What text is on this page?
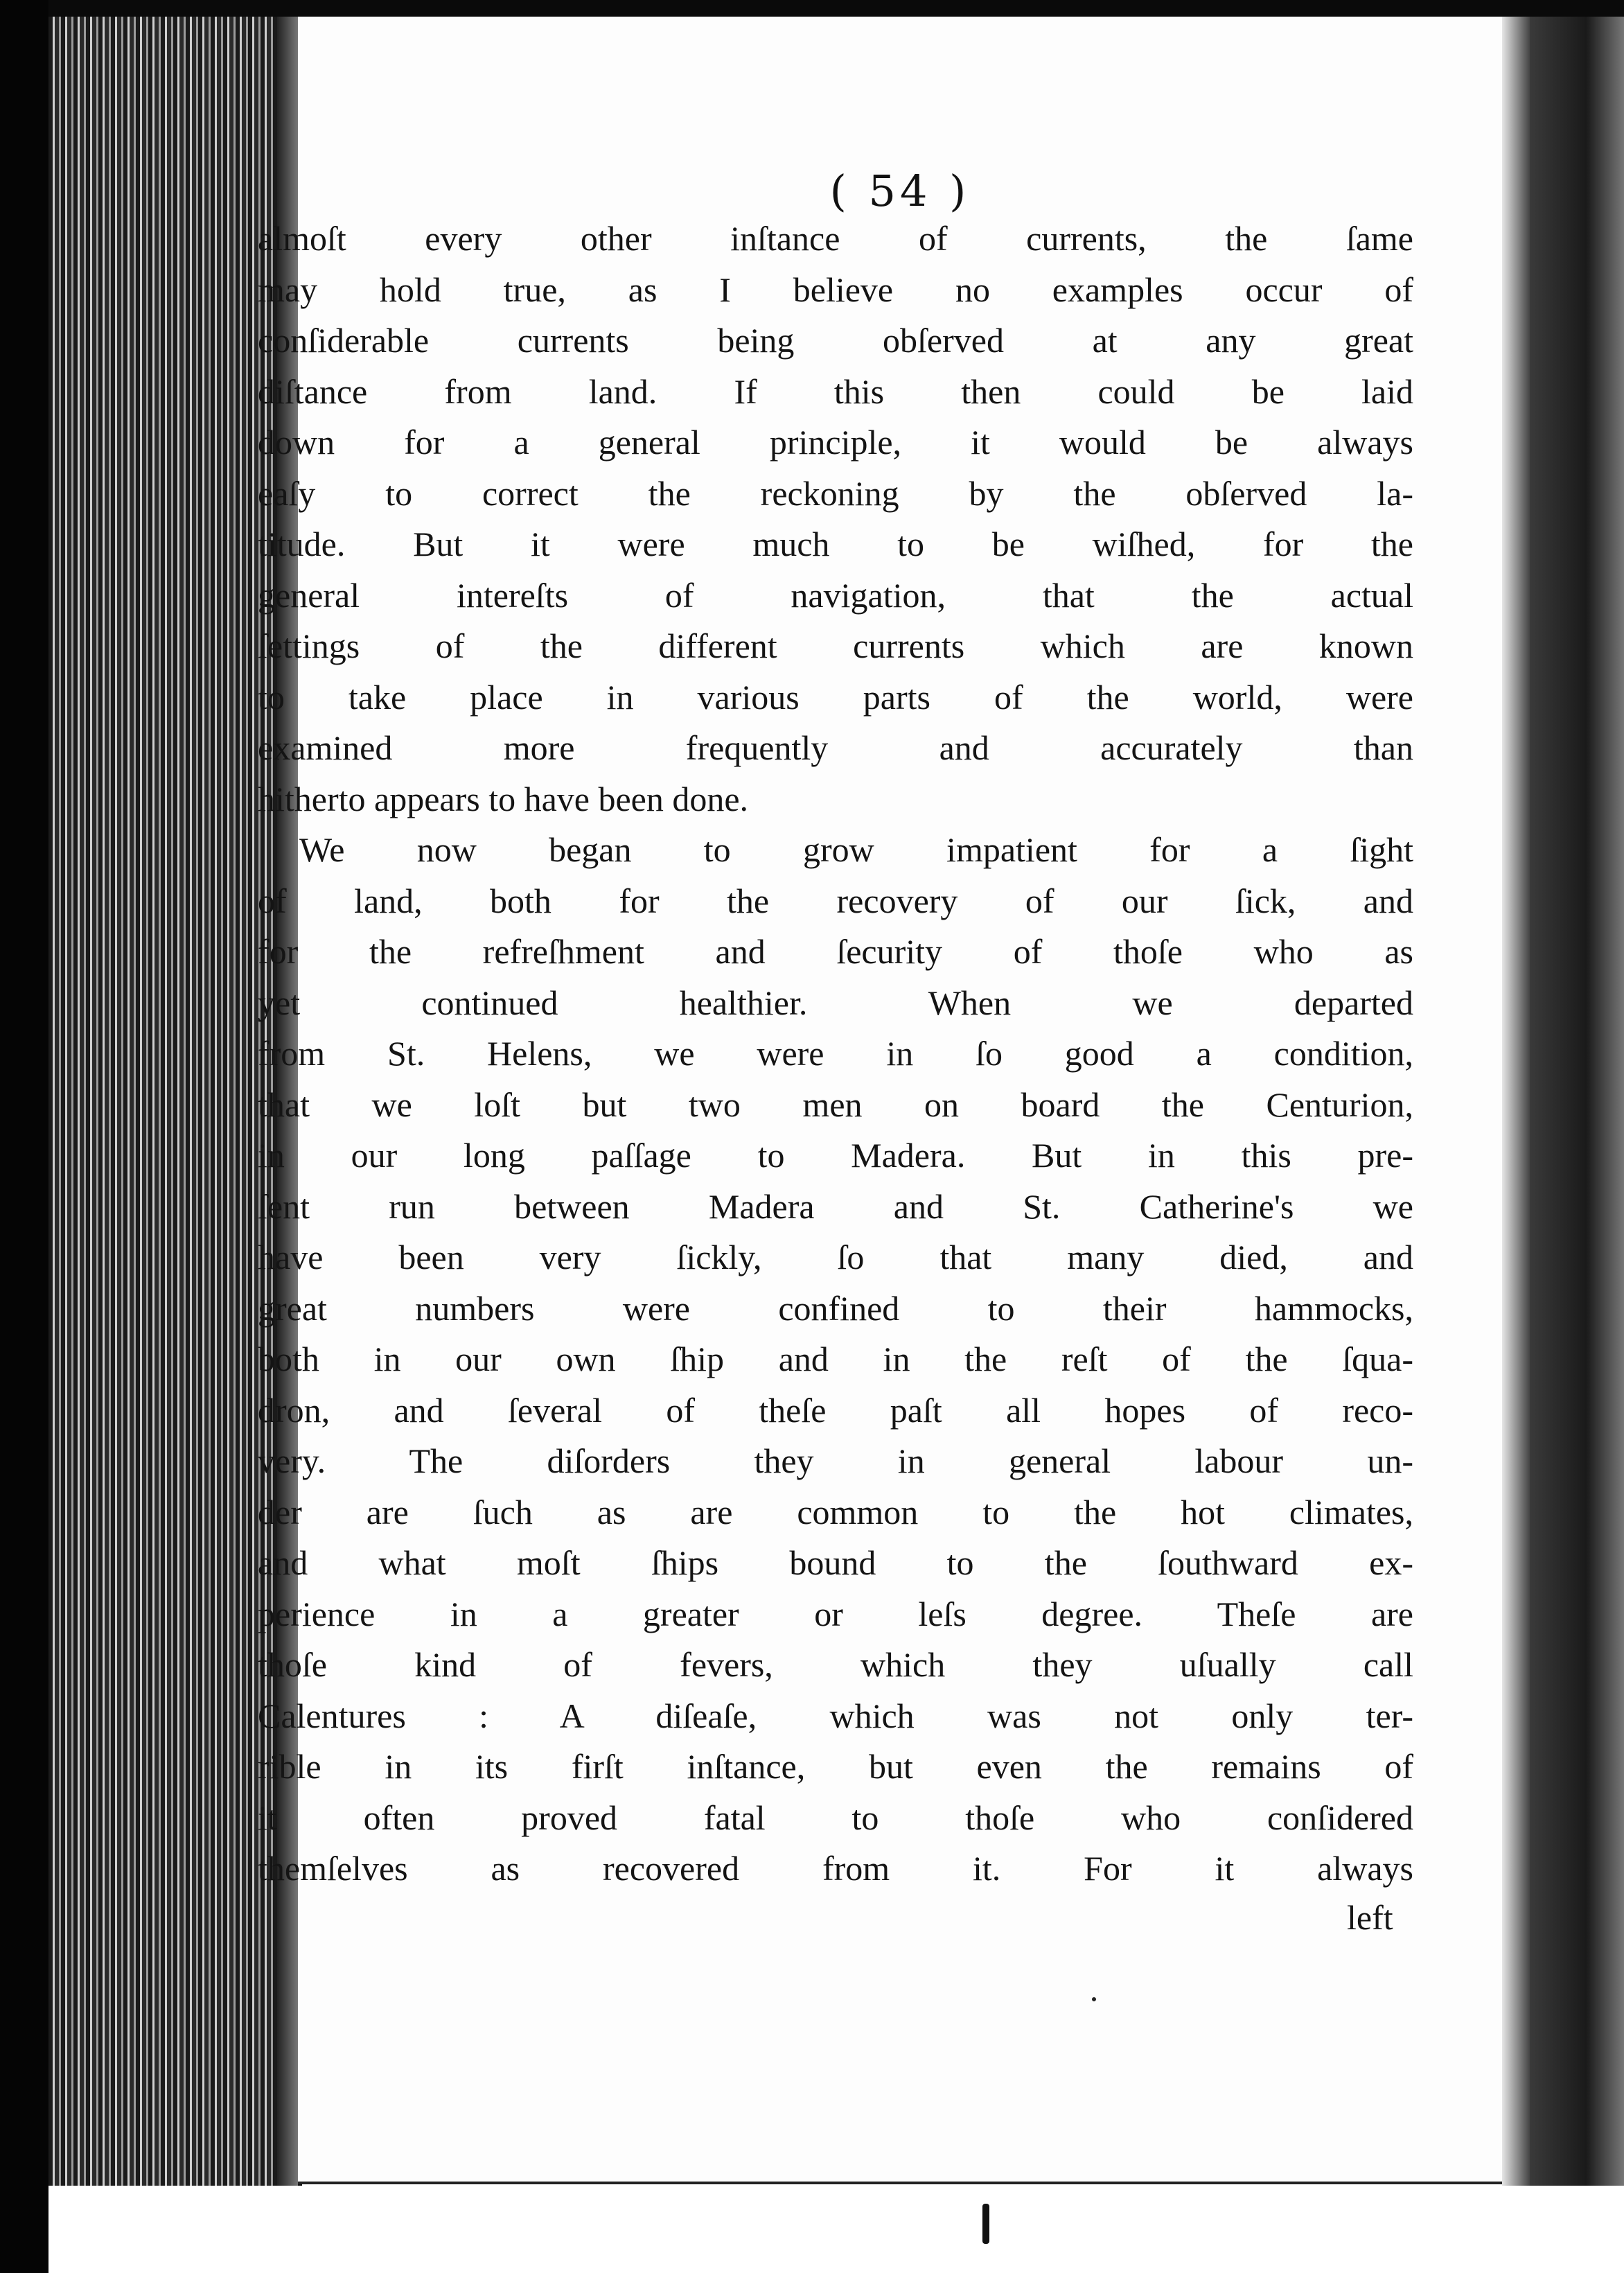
( 54 )
almoſt every other inſtance of currents, the ſame
may hold true, as I believe no examples occur of
conſiderable currents being obſerved at any great
diſtance from land. If this then could be laid
down for a general principle, it would be always
eaſy to correct the reckoning by the obſerved la-
titude. But it were much to be wiſhed, for the
general intereſts of navigation, that the actual
ſettings of the different currents which are known
to take place in various parts of the world, were
examined more frequently and accurately than
hitherto appears to have been done.
We now began to grow impatient for a ſight
of land, both for the recovery of our ſick, and
for the refreſhment and ſecurity of thoſe who as
yet continued healthier. When we departed
from St. Helens, we were in ſo good a condition,
that we loſt but two men on board the Centurion,
in our long paſſage to Madera. But in this pre-
ſent run between Madera and St. Catherine's we
have been very ſickly, ſo that many died, and
great numbers were confined to their hammocks,
both in our own ſhip and in the reſt of the ſqua-
dron, and ſeveral of theſe paſt all hopes of reco-
very. The diſorders they in general labour un-
der are ſuch as are common to the hot climates,
and what moſt ſhips bound to the ſouthward ex-
perience in a greater or leſs degree. Theſe are
thoſe kind of fevers, which they uſually call
Calentures : A diſeaſe, which was not only ter-
rible in its firſt inſtance, but even the remains of
it often proved fatal to thoſe who conſidered
themſelves as recovered from it. For it always
left
